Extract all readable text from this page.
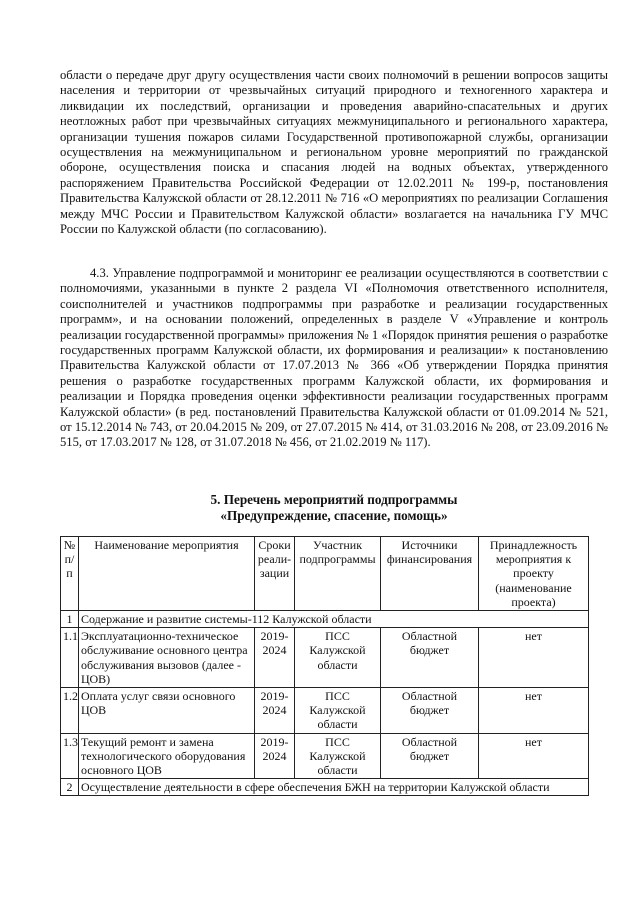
области о передаче друг другу осуществления части своих полномочий в решении вопросов защиты населения и территории от чрезвычайных ситуаций природного и техногенного характера и ликвидации их последствий, организации и проведения аварийно-спасательных и других неотложных работ при чрезвычайных ситуациях межмуниципального и регионального характера, организации тушения пожаров силами Государственной противопожарной службы, организации осуществления на межмуниципальном и региональном уровне мероприятий по гражданской обороне, осуществления поиска и спасания людей на водных объектах, утвержденного распоряжением Правительства Российской Федерации от 12.02.2011 № 199-р, постановления Правительства Калужской области от 28.12.2011 № 716 «О мероприятиях по реализации Соглашения между МЧС России и Правительством Калужской области» возлагается на начальника ГУ МЧС России по Калужской области (по согласованию).

4.3. Управление подпрограммой и мониторинг ее реализации осуществляются в соответствии с полномочиями, указанными в пункте 2 раздела VI «Полномочия ответственного исполнителя, соисполнителей и участников подпрограммы при разработке и реализации государственных программ», и на основании положений, определенных в разделе V «Управление и контроль реализации государственной программы» приложения № 1 «Порядок принятия решения о разработке государственных программ Калужской области, их формирования и реализации» к постановлению Правительства Калужской области от 17.07.2013 № 366 «Об утверждении Порядка принятия решения о разработке государственных программ Калужской области, их формирования и реализации и Порядка проведения оценки эффективности реализации государственных программ Калужской области» (в ред. постановлений Правительства Калужской области от 01.09.2014 № 521, от 15.12.2014 № 743, от 20.04.2015 № 209, от 27.07.2015 № 414, от 31.03.2016 № 208, от 23.09.2016 № 515, от 17.03.2017 № 128, от 31.07.2018 № 456, от 21.02.2019 № 117).

5. Перечень мероприятий подпрограммы
«Предупреждение, спасение, помощь»
№ п/п	Наименование мероприятия	Сроки реали-зации	Участник подпрограммы	Источники финансирования	Принадлежность мероприятия к проекту (наименование проекта)
1	Содержание и развитие системы-112 Калужской области				
1.1	Эксплуатационно-техническое обслуживание основного центра обслуживания вызовов (далее - ЦОВ)	2019-2024	ПСС Калужской области	Областной бюджет	нет
1.2	Оплата услуг связи основного ЦОВ	2019-2024	ПСС Калужской области	Областной бюджет	нет
1.3	Текущий ремонт и замена технологического оборудования основного ЦОВ	2019-2024	ПСС Калужской области	Областной бюджет	нет
2	Осуществление деятельности в сфере обеспечения БЖН на территории Калужской области				
